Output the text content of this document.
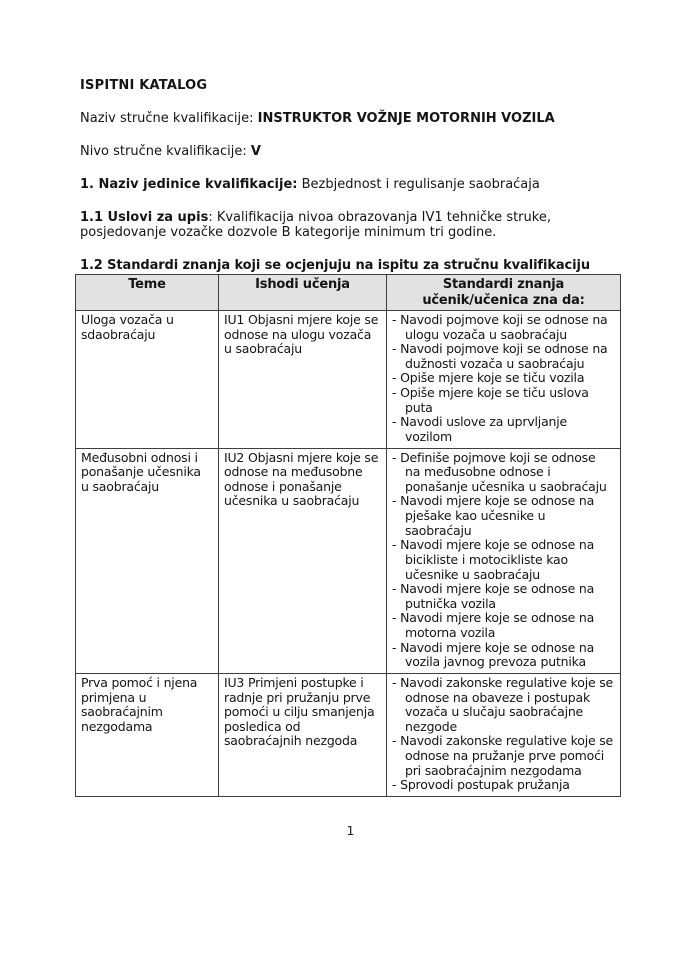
ISPITNI KATALOG

Naziv stručne kvalifikacije: INSTRUKTOR VOŽNJE MOTORNIH VOZILA

Nivo stručne kvalifikacije: V

1. Naziv jedinice kvalifikacije: Bezbjednost i regulisanje saobraćaja

1.1 Uslovi za upis: Kvalifikacija nivoa obrazovanja IV1 tehničke struke, posjedovanje vozačke dozvole B kategorije minimum tri godine.

1.2 Standardi znanja koji se ocjenjuju na ispitu za stručnu kvalifikaciju

Teme	Ishodi učenja	Standardi znanja učenik/učenica zna da:
Uloga vozača u sdaobraćaju	IU1 Objasni mjere koje se odnose na ulogu vozača u saobraćaju	- Navodi pojmove koji se odnose na ulogu vozača u saobraćaju
- Navodi pojmove koji se odnose na dužnosti vozača u saobraćaju
- Opiše mjere koje se tiču vozila
- Opiše mjere koje se tiču uslova puta
- Navodi uslove za uprvljanje vozilom

Međusobni odnosi i ponašanje učesnika u saobraćaju	IU2 Objasni mjere koje se odnose na međusobne odnose i ponašanje učesnika u saobraćaju	
- Definiše pojmove koji se odnose na međusobne odnose i ponašanje učesnika u saobraćaju
- Navodi mjere koje se odnose na pješake kao učesnike u saobraćaju
- Navodi mjere koje se odnose na bicikliste i motocikliste kao učesnike u saobraćaju
- Navodi mjere koje se odnose na putnička vozila
- Navodi mjere koje se odnose na motorna vozila
- Navodi mjere koje se odnose na vozila javnog prevoza putnika

Prva pomoć i njena primjena u saobraćajnim nezgodama	IU3 Primjeni postupke i radnje pri pružanju prve pomoći u cilju smanjenja posledica od saobraćajnih nezgoda	- Navodi zakonske regulative koje se odnose na obaveze i postupak vozača u slučaju saobraćajne nezgode
- Navodi zakonske regulative koje se odnose na pružanje prve pomoći pri saobraćajnim nezgodama
- Sprovodi postupak pružanja
1
